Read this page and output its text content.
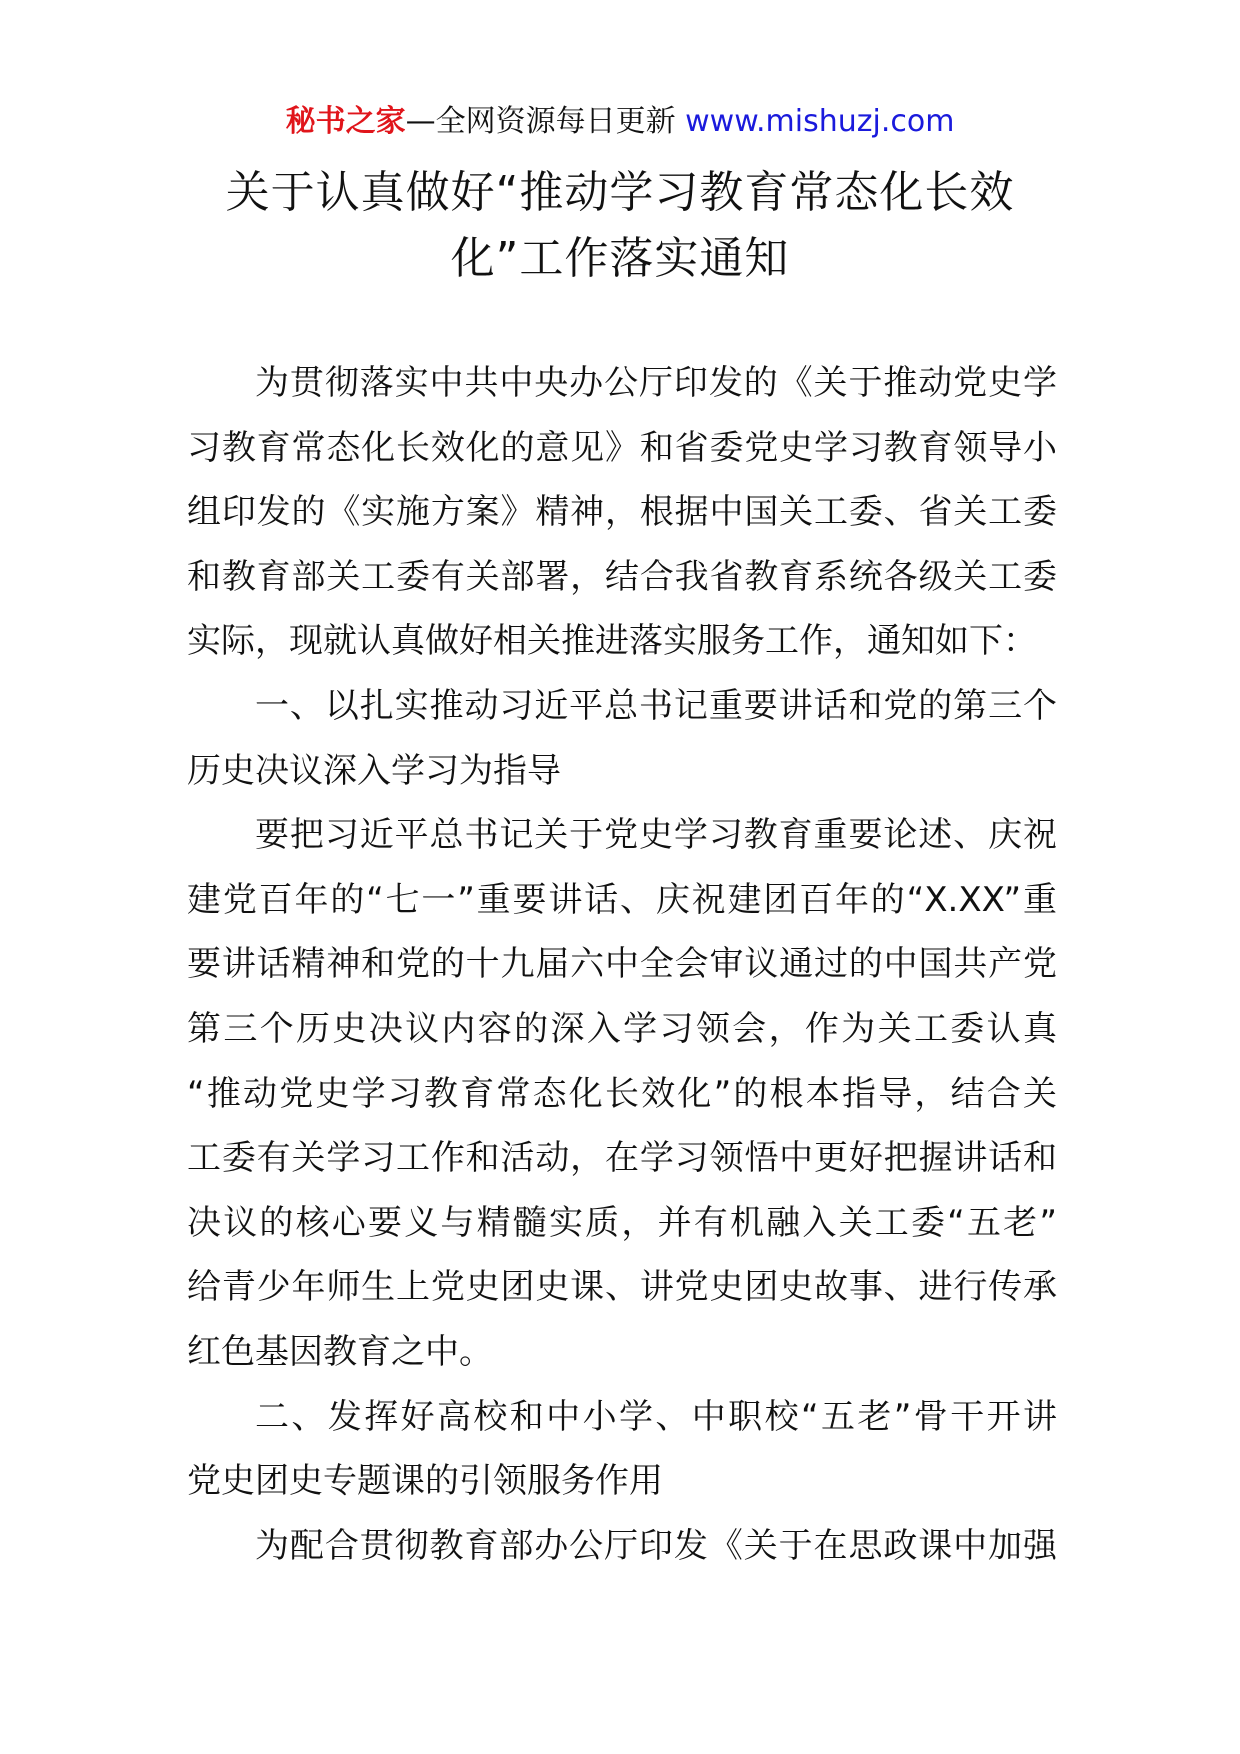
秘书之家—全网资源每日更新 www.mishuzj.com
关于认真做好“推动学习教育常态化长效
化”工作落实通知
为贯彻落实中共中央办公厅印发的《关于推动党史学
习教育常态化长效化的意见》和省委党史学习教育领导小
组印发的《实施方案》精神，根据中国关工委、省关工委
和教育部关工委有关部署，结合我省教育系统各级关工委
实际，现就认真做好相关推进落实服务工作，通知如下：
一、以扎实推动习近平总书记重要讲话和党的第三个
历史决议深入学习为指导
要把习近平总书记关于党史学习教育重要论述、庆祝
建党百年的“七一”重要讲话、庆祝建团百年的“X.XX”重
要讲话精神和党的十九届六中全会审议通过的中国共产党
第三个历史决议内容的深入学习领会，作为关工委认真
“推动党史学习教育常态化长效化”的根本指导，结合关
工委有关学习工作和活动，在学习领悟中更好把握讲话和
决议的核心要义与精髓实质，并有机融入关工委“五老”
给青少年师生上党史团史课、讲党史团史故事、进行传承
红色基因教育之中。
二、发挥好高校和中小学、中职校“五老”骨干开讲
党史团史专题课的引领服务作用
为配合贯彻教育部办公厅印发《关于在思政课中加强
